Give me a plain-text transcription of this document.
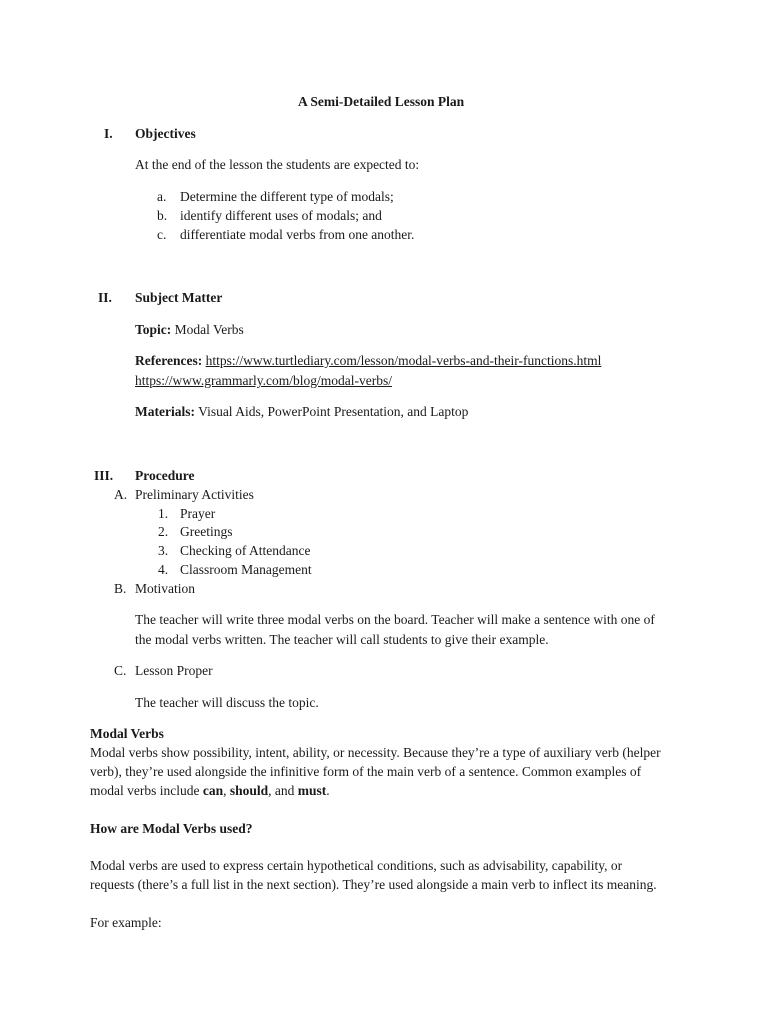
A Semi-Detailed Lesson Plan
I. Objectives
At the end of the lesson the students are expected to:
a. Determine the different type of modals;
b. identify different uses of modals; and
c. differentiate modal verbs from one another.
II. Subject Matter
Topic: Modal Verbs
References: https://www.turtlediary.com/lesson/modal-verbs-and-their-functions.html
https://www.grammarly.com/blog/modal-verbs/
Materials: Visual Aids, PowerPoint Presentation, and Laptop
III. Procedure
A. Preliminary Activities
1. Prayer
2. Greetings
3. Checking of Attendance
4. Classroom Management
B. Motivation
The teacher will write three modal verbs on the board. Teacher will make a sentence with one of
the modal verbs written. The teacher will call students to give their example.
C. Lesson Proper
The teacher will discuss the topic.
Modal Verbs
Modal verbs show possibility, intent, ability, or necessity. Because they’re a type of auxiliary verb (helper
verb), they’re used alongside the infinitive form of the main verb of a sentence. Common examples of
modal verbs include can, should, and must.
How are Modal Verbs used?
Modal verbs are used to express certain hypothetical conditions, such as advisability, capability, or
requests (there’s a full list in the next section). They’re used alongside a main verb to inflect its meaning.
For example:
